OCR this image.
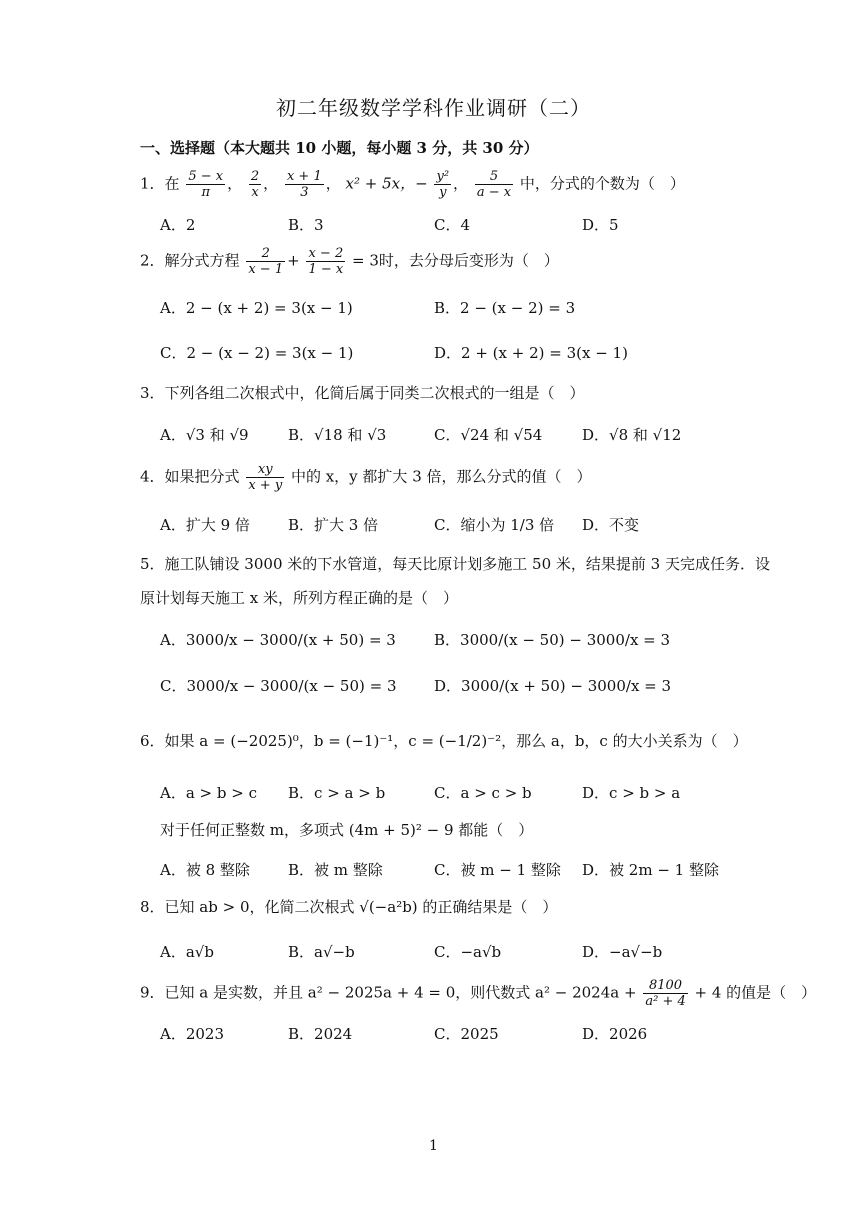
初二年级数学学科作业调研（二）
一、选择题（本大题共 10 小题，每小题 3 分，共 30 分）
1．在 $\frac{5 - x}{\pi}$ ， $\frac{2}{x}$ ， $\frac{x + 1}{3}$ ， x² + 5x，− $\frac{\text{y²}}{y}$ ， $\frac{5}{a - x}$ 中，分式的个数为（　）
A．2	B．3	C．4	D．5
2．解分式方程 $\frac{2}{x - 1} + \frac{x - 2}{1 - x} = 3$时，去分母后变形为（　）
A．2 − (x + 2) = 3(x − 1)	B．2 − (x − 2) = 3
C．2 − (x − 2) = 3(x − 1)	D．2 + (x + 2) = 3(x − 1)
3．下列各组二次根式中，化简后属于同类二次根式的一组是（　）
A．√3 和 √9	B．√18 和 √3	C．√24 和 √54	D．√8 和 √12
4．如果把分式 $\frac{xy}{x + y}$ 中的 x，y 都扩大 3 倍，那么分式的值（　）
A．扩大 9 倍	B．扩大 3 倍	C．缩小为 1/3 倍 D．不变
5．施工队铺设 3000 米的下水管道，每天比原计划多施工 50 米，结果提前 3 天完成任务．设
原计划每天施工 x 米，所列方程正确的是（　）
A．3000/x − 3000/(x + 50) = 3	B．3000/(x − 50) − 3000/x = 3
C．3000/x − 3000/(x − 50) = 3	D．3000/(x + 50) − 3000/x = 3
6．如果 a = (−2025)⁰，b = (−1)⁻¹，c = (−1/2)⁻²，那么 a，b，c 的大小关系为（　）
A．a > b > c B．c > a > b	C．a > c > b	D．c > b > a
对于任何正整数 m，多项式 (4m + 5)² − 9 都能（　）
A．被 8 整除	B．被 m 整除	C．被 m − 1 整除 D．被 2m − 1 整除
8．已知 ab > 0，化简二次根式 √(−a²b) 的正确结果是（　）
A．a√b	B．a√−b	C．−a√b	D．−a√−b
9．已知 a 是实数，并且 a² − 2025a + 4 = 0，则代数式 $a^2 - 2024a + \frac{8100}{\text{a² + 4}} + 4$ 的值是（　）
A．2023	B．2024	C．2025	D．2026
1
